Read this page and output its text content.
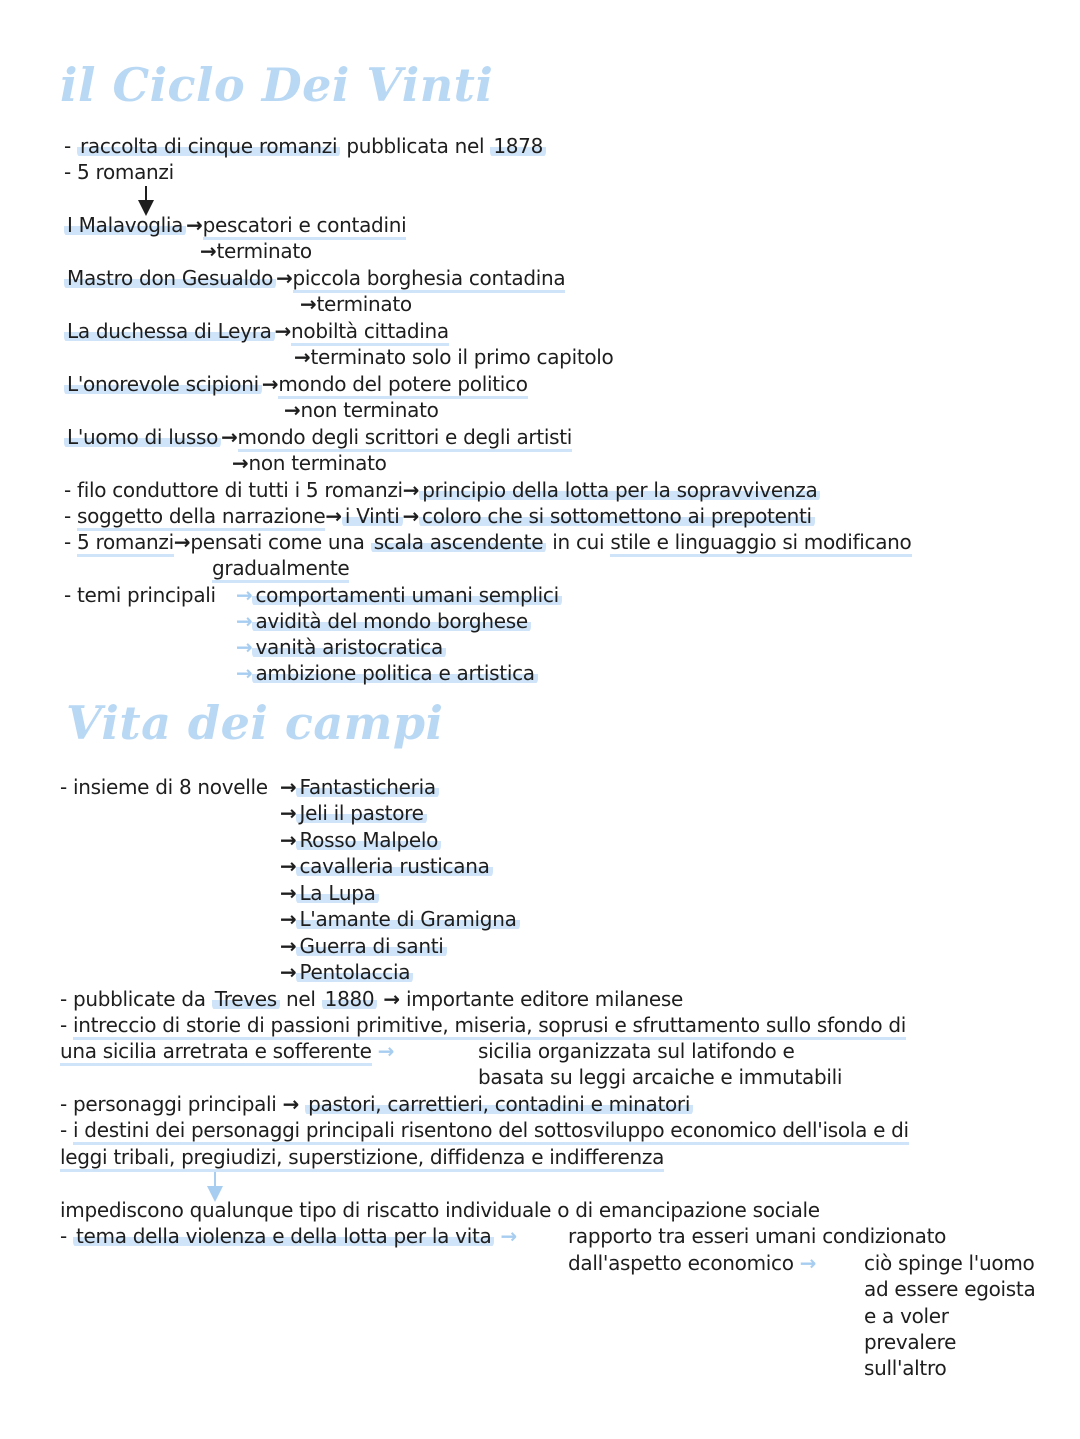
il Ciclo Dei Vinti
- raccolta di cinque romanzi pubblicata nel 1878
- 5 romanzi
I Malavoglia →pescatori e contadini
→terminato
Mastro don Gesualdo →piccola borghesia contadina
→terminato
La duchessa di Leyra →nobiltà cittadina
→terminato solo il primo capitolo
L'onorevole scipioni →mondo del potere politico
→non terminato
L'uomo di lusso →mondo degli scrittori e degli artisti
→non terminato
- filo conduttore di tutti i 5 romanzi→ principio della lotta per la sopravvivenza
- soggetto della narrazione→ i Vinti → coloro che si sottomettono ai prepotenti
- 5 romanzi→pensati come una scala ascendente in cui stile e linguaggio si modificano
gradualmente
- temi principali → comportamenti umani semplici
→ avidità del mondo borghese
→ vanità aristocratica
→ ambizione politica e artistica
Vita dei campi
- insieme di 8 novelle → Fantasticheria
→ Jeli il pastore
→ Rosso Malpelo
→ cavalleria rusticana
→ La Lupa
→ L'amante di Gramigna
→ Guerra di santi
→ Pentolaccia
- pubblicate da Treves nel 1880 → importante editore milanese
- intreccio di storie di passioni primitive, miseria, soprusi e sfruttamento sullo sfondo di
una sicilia arretrata e sofferente →	sicilia organizzata sul latifondo e
basata su leggi arcaiche e immutabili
- personaggi principali → pastori, carrettieri, contadini e minatori
- i destini dei personaggi principali risentono del sottosviluppo economico dell'isola e di
leggi tribali, pregiudizi, superstizione, diffidenza e indifferenza
impediscono qualunque tipo di riscatto individuale o di emancipazione sociale
- tema della violenza e della lotta per la vita →	rapporto tra esseri umani condizionato
dall'aspetto economico → ciò spinge l'uomo
ad essere egoista
e a voler
prevalere
sull'altro
